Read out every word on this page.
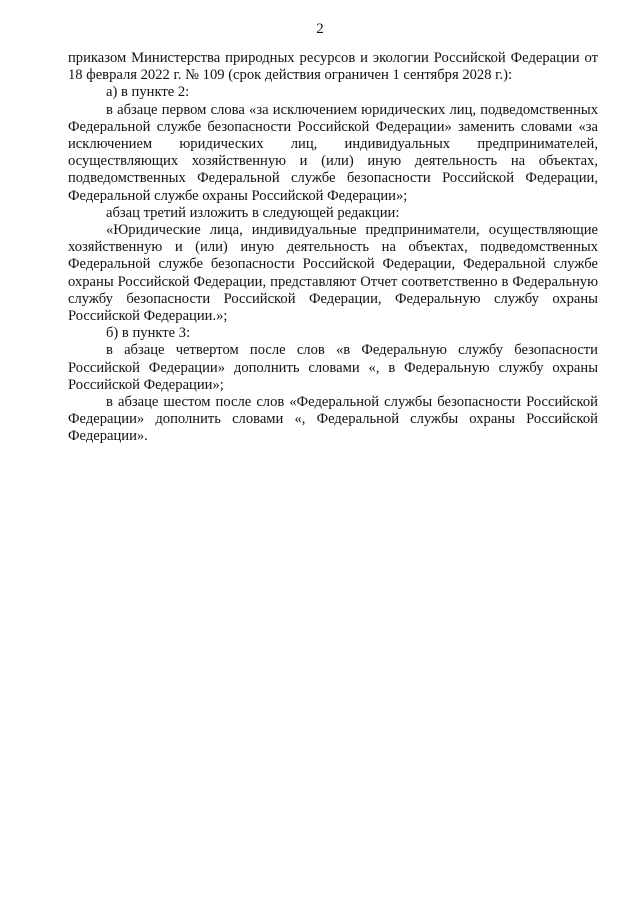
2

приказом Министерства природных ресурсов и экологии Российской Федерации от 18 февраля 2022 г. № 109 (срок действия ограничен 1 сентября 2028 г.):

а) в пункте 2:

в абзаце первом слова «за исключением юридических лиц, подведомственных Федеральной службе безопасности Российской Федерации» заменить словами «за исключением юридических лиц, индивидуальных предпринимателей, осуществляющих хозяйственную и (или) иную деятельность на объектах, подведомственных Федеральной службе безопасности Российской Федерации, Федеральной службе охраны Российской Федерации»;

абзац третий изложить в следующей редакции:

«Юридические лица, индивидуальные предприниматели, осуществляющие хозяйственную и (или) иную деятельность на объектах, подведомственных Федеральной службе безопасности Российской Федерации, Федеральной службе охраны Российской Федерации, представляют Отчет соответственно в Федеральную службу безопасности Российской Федерации, Федеральную службу охраны Российской Федерации.»;

б) в пункте 3:

в абзаце четвертом после слов «в Федеральную службу безопасности Российской Федерации» дополнить словами «, в Федеральную службу охраны Российской Федерации»;

в абзаце шестом после слов «Федеральной службы безопасности Российской Федерации» дополнить словами «, Федеральной службы охраны Российской Федерации».
